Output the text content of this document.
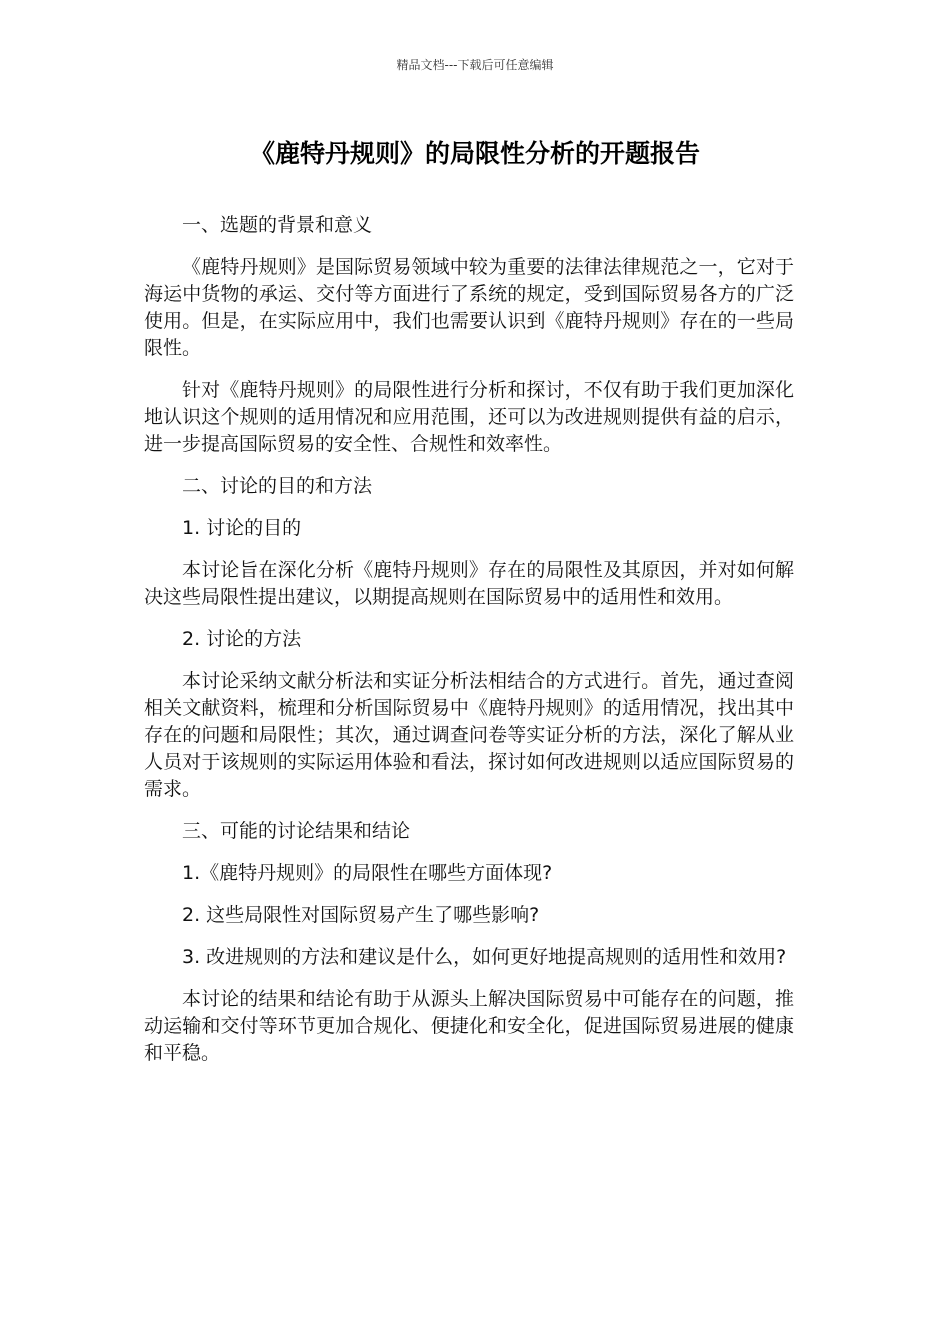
精品文档---下载后可任意编辑
《鹿特丹规则》的局限性分析的开题报告

一、选题的背景和意义

《鹿特丹规则》是国际贸易领域中较为重要的法律法律规范之一，它对于海运中货物的承运、交付等方面进行了系统的规定，受到国际贸易各方的广泛使用。但是，在实际应用中，我们也需要认识到《鹿特丹规则》存在的一些局限性。

针对《鹿特丹规则》的局限性进行分析和探讨，不仅有助于我们更加深化地认识这个规则的适用情况和应用范围，还可以为改进规则提供有益的启示，进一步提高国际贸易的安全性、合规性和效率性。

二、讨论的目的和方法

1. 讨论的目的

本讨论旨在深化分析《鹿特丹规则》存在的局限性及其原因，并对如何解决这些局限性提出建议，以期提高规则在国际贸易中的适用性和效用。

2. 讨论的方法

本讨论采纳文献分析法和实证分析法相结合的方式进行。首先，通过查阅相关文献资料，梳理和分析国际贸易中《鹿特丹规则》的适用情况，找出其中存在的问题和局限性；其次，通过调查问卷等实证分析的方法，深化了解从业人员对于该规则的实际运用体验和看法，探讨如何改进规则以适应国际贸易的需求。

三、可能的讨论结果和结论

1.《鹿特丹规则》的局限性在哪些方面体现?

2. 这些局限性对国际贸易产生了哪些影响?

3. 改进规则的方法和建议是什么，如何更好地提高规则的适用性和效用?

本讨论的结果和结论有助于从源头上解决国际贸易中可能存在的问题，推动运输和交付等环节更加合规化、便捷化和安全化，促进国际贸易进展的健康和平稳。
